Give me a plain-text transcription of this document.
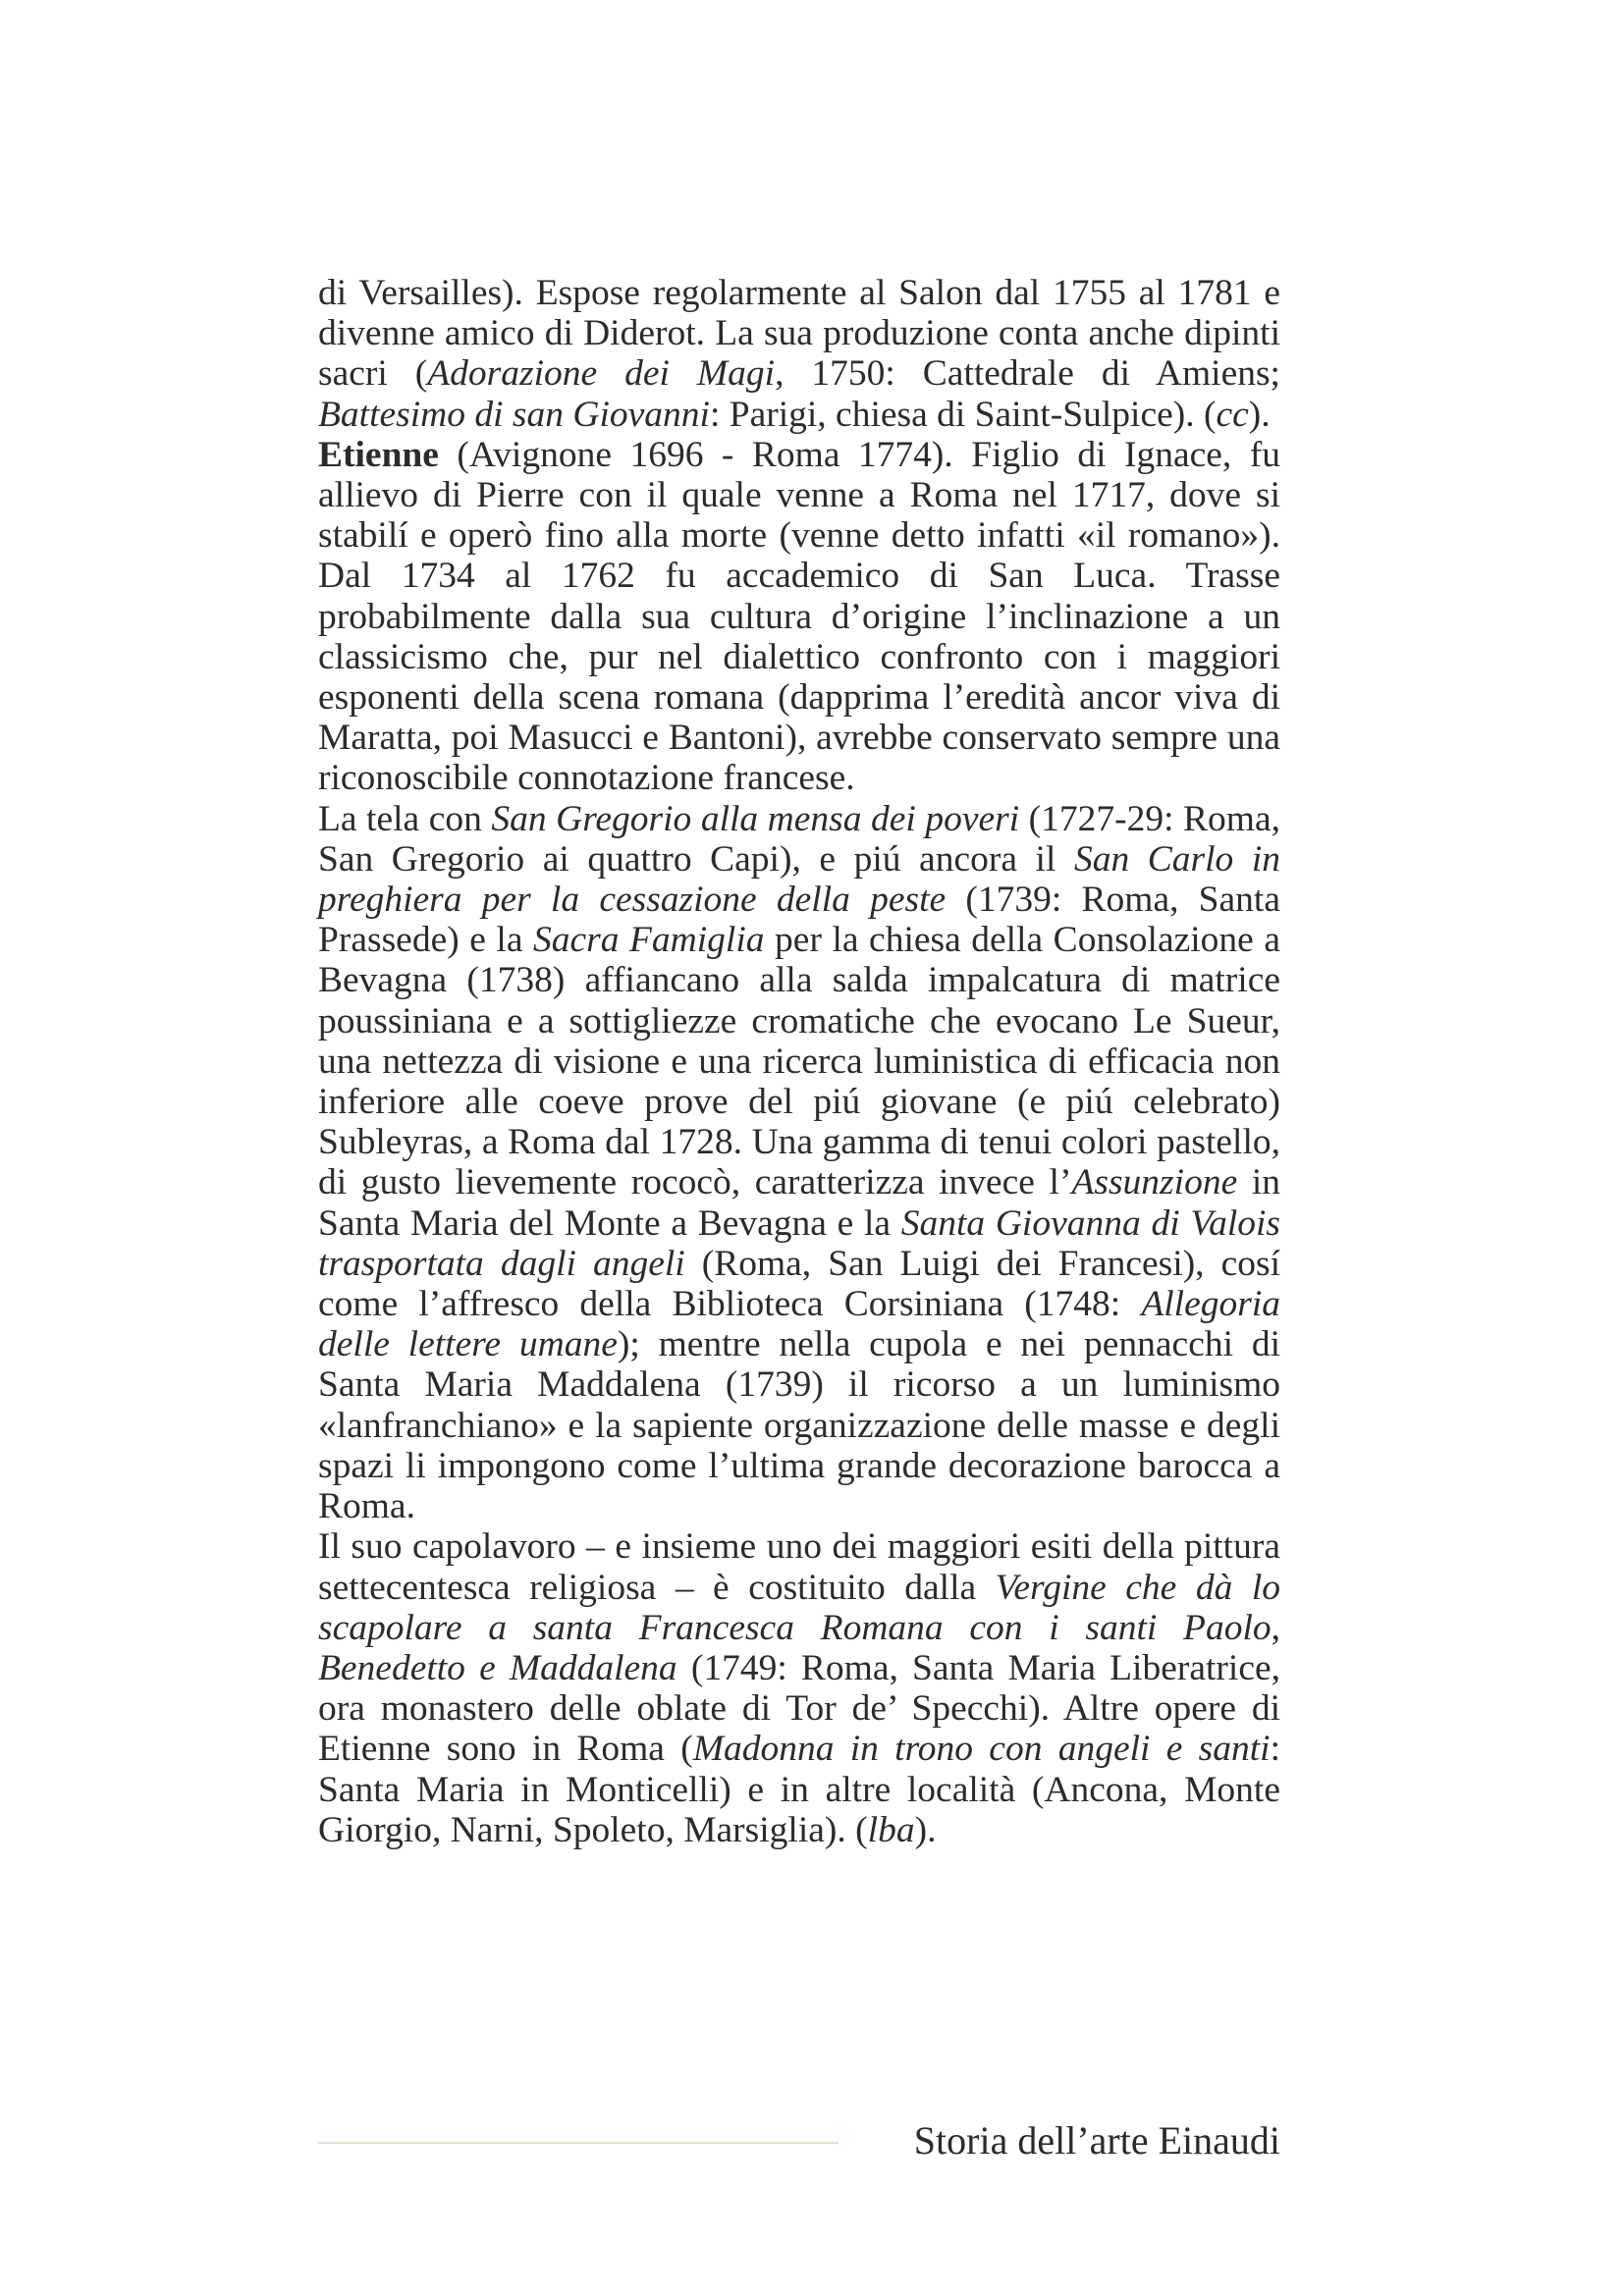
di Versailles). Espose regolarmente al Salon dal 1755 al 1781 e divenne amico di Diderot. La sua produzione conta anche dipinti sacri (Adorazione dei Magi, 1750: Cattedrale di Amiens; Battesimo di san Giovanni: Parigi, chiesa di Saint-Sulpice). (cc).

Etienne (Avignone 1696 - Roma 1774). Figlio di Ignace, fu allievo di Pierre con il quale venne a Roma nel 1717, dove si stabilí e operò fino alla morte (venne detto infatti «il romano»). Dal 1734 al 1762 fu accademico di San Luca. Trasse probabilmente dalla sua cultura d’origine l’inclinazione a un classicismo che, pur nel dialettico confronto con i maggiori esponenti della scena romana (dapprima l’eredità ancor viva di Maratta, poi Masucci e Bantoni), avrebbe conservato sempre una riconoscibile connotazione francese.

La tela con San Gregorio alla mensa dei poveri (1727-29: Roma, San Gregorio ai quattro Capi), e piú ancora il San Carlo in preghiera per la cessazione della peste (1739: Roma, Santa Prassede) e la Sacra Famiglia per la chiesa della Consolazione a Bevagna (1738) affiancano alla salda impalcatura di matrice poussiniana e a sottigliezze cromatiche che evocano Le Sueur, una nettezza di visione e una ricerca luministica di efficacia non inferiore alle coeve prove del piú giovane (e piú celebrato) Subleyras, a Roma dal 1728. Una gamma di tenui colori pastello, di gusto lievemente rococò, caratterizza invece l’Assunzione in Santa Maria del Monte a Bevagna e la Santa Giovanna di Valois trasportata dagli angeli (Roma, San Luigi dei Francesi), cosí come l’affresco della Biblioteca Corsiniana (1748: Allegoria delle lettere umane); mentre nella cupola e nei pennacchi di Santa Maria Maddalena (1739) il ricorso a un luminismo «lanfranchiano» e la sapiente organizzazione delle masse e degli spazi li impongono come l’ultima grande decorazione barocca a Roma.

Il suo capolavoro – e insieme uno dei maggiori esiti della pittura settecentesca religiosa – è costituito dalla Vergine che dà lo scapolare a santa Francesca Romana con i santi Paolo, Benedetto e Maddalena (1749: Roma, Santa Maria Liberatrice, ora monastero delle oblate di Tor de’ Specchi). Altre opere di Etienne sono in Roma (Madonna in trono con angeli e santi: Santa Maria in Monticelli) e in altre località (Ancona, Monte Giorgio, Narni, Spoleto, Marsiglia). (lba).

Storia dell’arte Einaudi
